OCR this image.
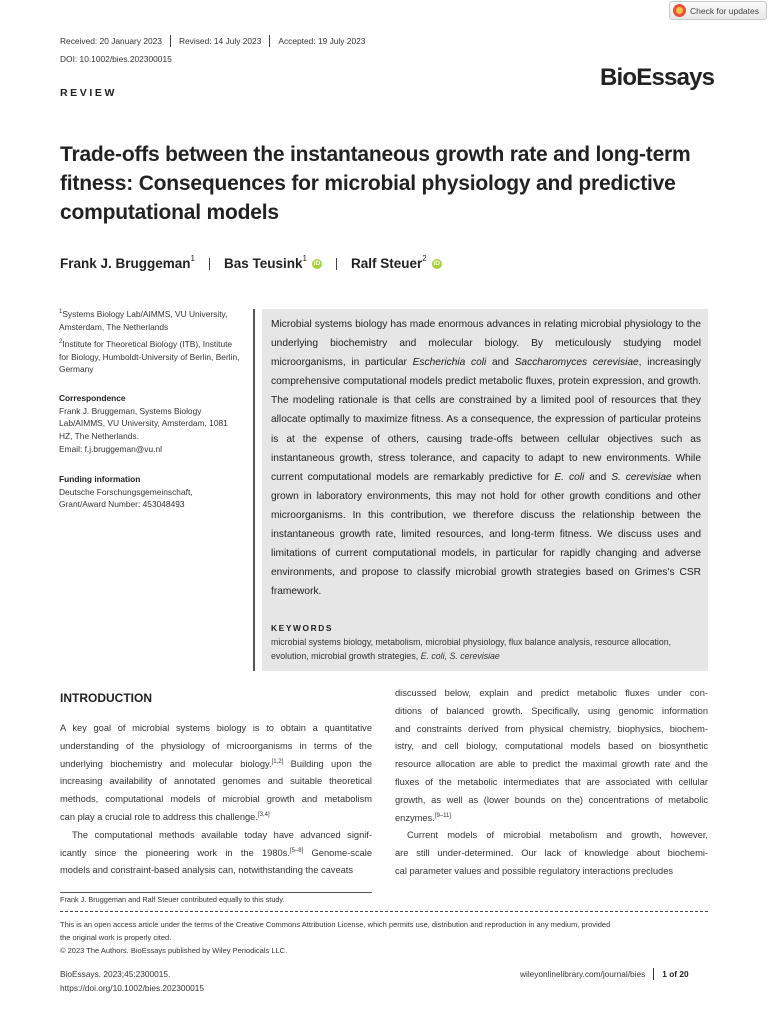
Check for updates
Received: 20 January 2023	Revised: 14 July 2023	Accepted: 19 July 2023
DOI: 10.1002/bies.202300015
BioEssays
REVIEW
Trade-offs between the instantaneous growth rate and long-term fitness: Consequences for microbial physiology and predictive computational models
Frank J. Bruggeman$^1$ Bas Teusink$^1$ iD Ralf Steuer$^2$ iD
$^1$Systems Biology Lab/AIMMS, VU University, Amsterdam, The Netherlands
$^2$Institute for Theoretical Biology (ITB), Institute for Biology, Humboldt-University of Berlin, Berlin, Germany
Correspondence
Frank J. Bruggeman, Systems Biology
Lab/AIMMS, VU University, Amsterdam, 1081
HZ, The Netherlands.
Email: f.j.bruggeman@vu.nl
Funding information
Deutsche Forschungsgemeinschaft,
Grant/Award Number: 453048493

Microbial systems biology has made enormous advances in relating microbial physiology to the underlying biochemistry and molecular biology. By meticulously studying model microorganisms, in particular Escherichia coli and Saccharomyces cerevisiae, increasingly comprehensive computational models predict metabolic fluxes, protein expression, and growth. The modeling rationale is that cells are constrained by a limited pool of resources that they allocate optimally to maximize fitness. As a consequence, the expression of particular proteins is at the expense of others, causing trade-offs between cellular objectives such as instantaneous growth, stress tolerance, and capacity to adapt to new environments. While current computational models are remarkably predictive for E. coli and S. cerevisiae when grown in laboratory environments, this may not hold for other growth conditions and other microorganisms. In this contribution, we therefore discuss the relationship between the instantaneous growth rate, limited resources, and long-term fitness. We discuss uses and limitations of current computational models, in particular for rapidly changing and adverse environments, and propose to classify microbial growth strategies based on Grimes's CSR framework.

KEYWORDS
microbial systems biology, metabolism, microbial physiology, flux balance analysis, resource allocation, evolution, microbial growth strategies, E. coli, S. cerevisiae
INTRODUCTION
A key goal of microbial systems biology is to obtain a quantitative
understanding of the physiology of microorganisms in terms of the
underlying biochemistry and molecular biology.[1,2] Building upon the
increasing availability of annotated genomes and suitable theoretical
methods, computational models of microbial growth and metabolism
can play a crucial role to address this challenge.[3,4]
The computational methods available today have advanced signif-
icantly since the pioneering work in the 1980s.[5–8] Genome-scale
models and constraint-based analysis can, notwithstanding the caveats
discussed below, explain and predict metabolic fluxes under con-
ditions of balanced growth. Specifically, using genomic information
and constraints derived from physical chemistry, biophysics, biochem-
istry, and cell biology, computational models based on biosynthetic
resource allocation are able to predict the maximal growth rate and the
fluxes of the metabolic intermediates that are associated with cellular
growth, as well as (lower bounds on the) concentrations of metabolic
enzymes.[9–11]
Current models of microbial metabolism and growth, however,
are still under-determined. Our lack of knowledge about biochemi-
cal parameter values and possible regulatory interactions precludes
Frank J. Bruggeman and Ralf Steuer contributed equally to this study.
This is an open access article under the terms of the Creative Commons Attribution License, which permits use, distribution and reproduction in any medium, provided
the original work is properly cited.
© 2023 The Authors. BioEssays published by Wiley Periodicals LLC.
BioEssays. 2023;45:2300015.
https://doi.org/10.1002/bies.202300015
wileyonlinelibrary.com/journal/bies 1 of 20
